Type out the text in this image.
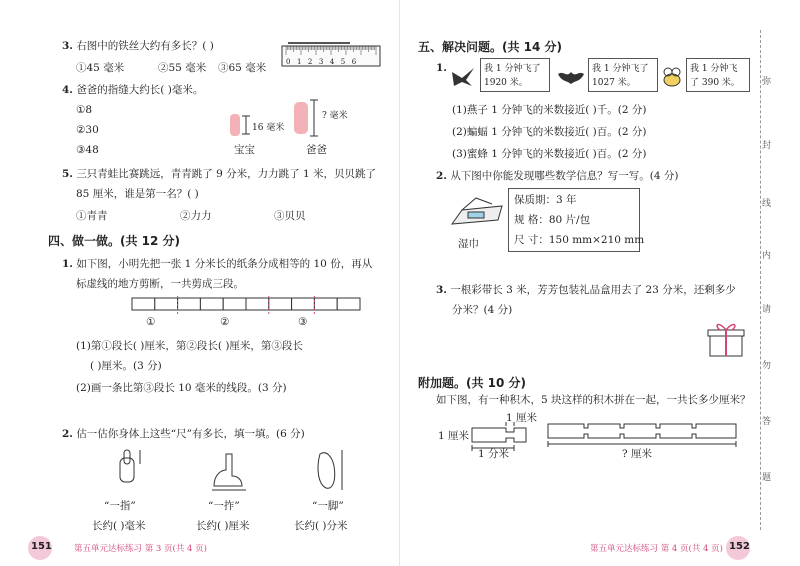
3. 右图中的铁丝大约有多长？( )
①45 毫米	②55 毫米 ③65 毫米	0123456
4. 爸爸的指缝大约长( )毫米。
①8
②30
③48
16 毫米
? 毫米
宝宝	爸爸
5. 三只青蛙比赛跳远，青青跳了 9 分米，力力跳了 1 米，贝贝跳了
85 厘米，谁是第一名？( )
①青青	②力力	③贝贝
四、做一做。(共 12 分)
1. 如下图，小明先把一张 1 分米长的纸条分成相等的 10 份，再从
标虚线的地方剪断，一共剪成三段。
①	②	③
(1)第①段长( )厘米，第②段长( )厘米，第③段长
( )厘米。(3 分)
(2)画一条比第③段长 10 毫米的线段。(3 分)
2. 估一估你身体上这些“尺”有多长，填一填。(6 分)
“一指”	“一拃”	“一脚”
长约( )毫米	长约( )厘米	长约( )分米
151	第五单元达标练习 第 3 页(共 4 页)
五、解决问题。(共 14 分)
1.	我 1 分钟飞了 1920 米。
我 1 分钟飞了 1027 米。
我 1 分钟飞了 390 米。
(1)燕子 1 分钟飞的米数接近( )千。(2 分)
(2)蝙蝠 1 分钟飞的米数接近( )百。(2 分)
(3)蜜蜂 1 分钟飞的米数接近( )百。(2 分)
2. 从下图中你能发现哪些数学信息？写一写。(4 分)
湿巾
保质期：3 年
规 格：80 片/包
尺 寸：150 mm×210 mm
3. 一根彩带长 3 米，芳芳包装礼品盒用去了 23 分米，还剩多少
分米？(4 分)
附加题。(共 10 分)
如下图，有一种积木，5 块这样的积木拼在一起，一共长多少厘米？
1 厘米
1 厘米
1 分米	? 厘米
弥
封
线
内
请
勿
答
题
第五单元达标练习 第 4 页(共 4 页) 152
